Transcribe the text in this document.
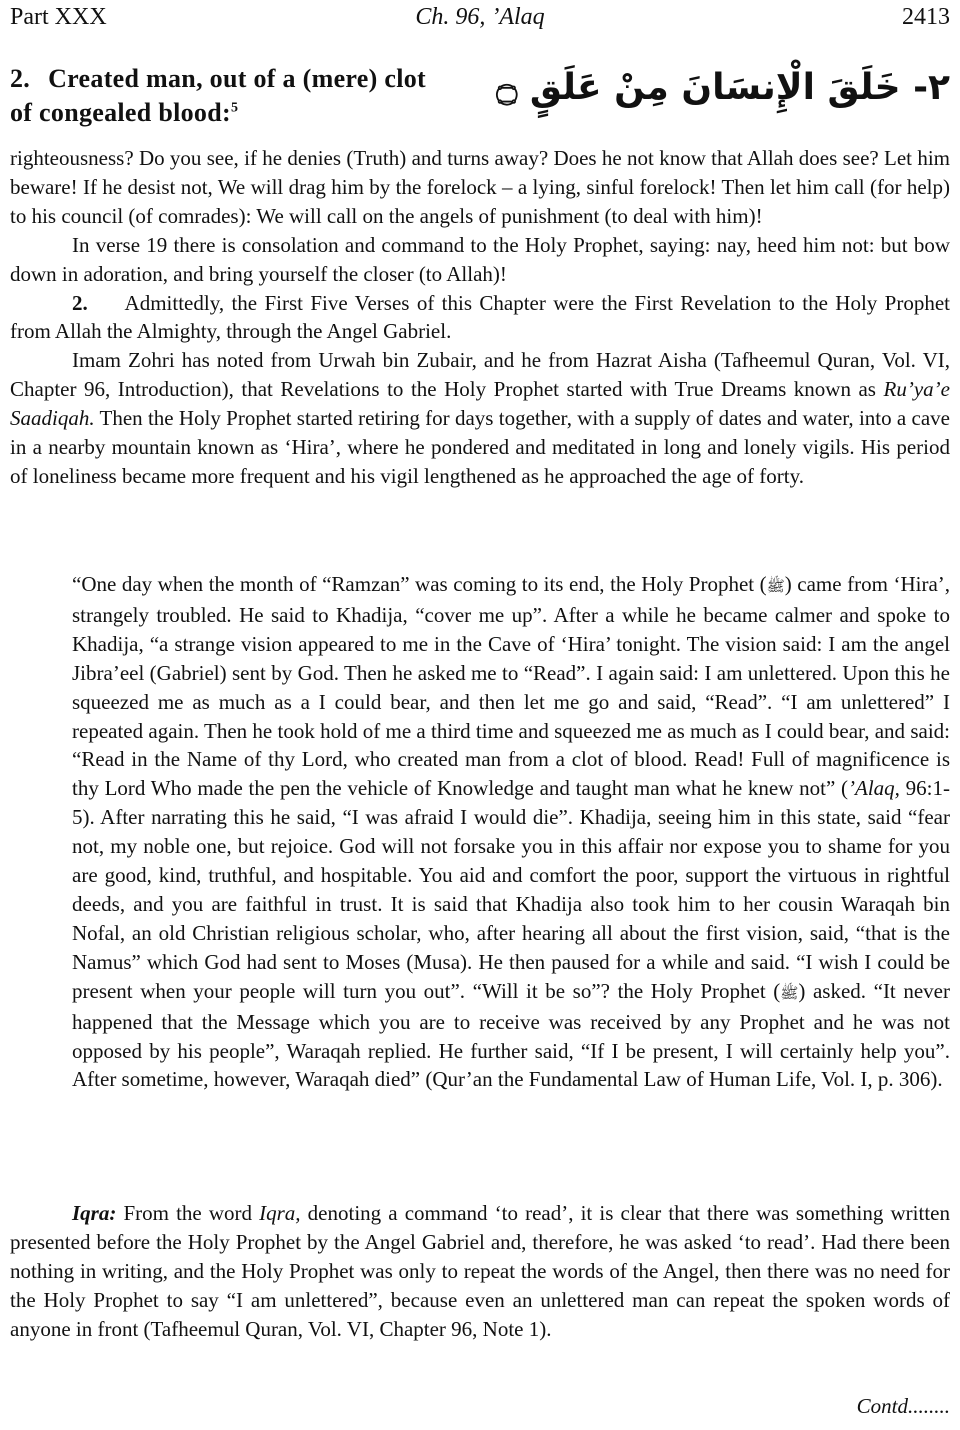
Part XXX	Ch. 96, ’Alaq	2413
2. Created man, out of a (mere) clot of congealed blood:$^5$	٢- خَلَقَ الْإِنسَانَ مِنْ عَلَقٍ ۝

righteousness? Do you see, if he denies (Truth) and turns away? Does he not know that Allah does see? Let him beware! If he desist not, We will drag him by the forelock – a lying, sinful forelock! Then let him call (for help) to his council (of comrades): We will call on the angels of punishment (to deal with him)!

In verse 19 there is consolation and command to the Holy Prophet, saying: nay, heed him not: but bow down in adoration, and bring yourself the closer (to Allah)!

2. Admittedly, the First Five Verses of this Chapter were the First Revelation to the Holy Prophet from Allah the Almighty, through the Angel Gabriel.

Imam Zohri has noted from Urwah bin Zubair, and he from Hazrat Aisha (Tafheemul Quran, Vol. VI, Chapter 96, Introduction), that Revelations to the Holy Prophet started with True Dreams known as Ru’ya’e Saadiqah. Then the Holy Prophet started retiring for days together, with a supply of dates and water, into a cave in a nearby mountain known as ‘Hira’, where he pondered and meditated in long and lonely vigils. His period of loneliness became more frequent and his vigil lengthened as he approached the age of forty.

“One day when the month of “Ramzan” was coming to its end, the Holy Prophet (ﷺ) came from ‘Hira’, strangely troubled. He said to Khadija, “cover me up”. After a while he became calmer and spoke to Khadija, “a strange vision appeared to me in the Cave of ‘Hira’ tonight. The vision said: I am the angel Jibra’eel (Gabriel) sent by God. Then he asked me to “Read”. I again said: I am unlettered. Upon this he squeezed me as much as a I could bear, and then let me go and said, “Read”. “I am unlettered” I repeated again. Then he took hold of me a third time and squeezed me as much as I could bear, and said: “Read in the Name of thy Lord, who created man from a clot of blood. Read! Full of magnificence is thy Lord Who made the pen the vehicle of Knowledge and taught man what he knew not” (’Alaq, 96:1-5). After narrating this he said, “I was afraid I would die”. Khadija, seeing him in this state, said “fear not, my noble one, but rejoice. God will not forsake you in this affair nor expose you to shame for you are good, kind, truthful, and hospitable. You aid and comfort the poor, support the virtuous in rightful deeds, and you are faithful in trust. It is said that Khadija also took him to her cousin Waraqah bin Nofal, an old Christian religious scholar, who, after hearing all about the first vision, said, “that is the Namus” which God had sent to Moses (Musa). He then paused for a while and said. “I wish I could be present when your people will turn you out”. “Will it be so”? the Holy Prophet (ﷺ) asked. “It never happened that the Message which you are to receive was received by any Prophet and he was not opposed by his people”, Waraqah replied. He further said, “If I be present, I will certainly help you”. After sometime, however, Waraqah died” (Qur’an the Fundamental Law of Human Life, Vol. I, p. 306).

Iqra: From the word Iqra, denoting a command ‘to read’, it is clear that there was something written presented before the Holy Prophet by the Angel Gabriel and, therefore, he was asked ‘to read’. Had there been nothing in writing, and the Holy Prophet was only to repeat the words of the Angel, then there was no need for the Holy Prophet to say “I am unlettered”, because even an unlettered man can repeat the spoken words of anyone in front (Tafheemul Quran, Vol. VI, Chapter 96, Note 1).

Contd........
